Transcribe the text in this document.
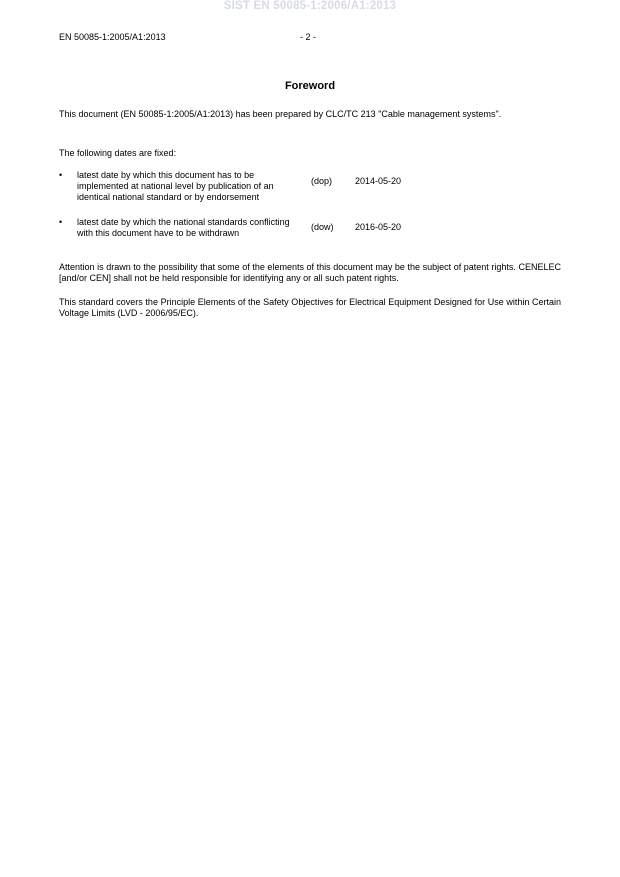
SIST EN 50085-1:2006/A1:2013
EN 50085-1:2005/A1:2013	- 2 -
Foreword
This document (EN 50085-1:2005/A1:2013) has been prepared by CLC/TC 213 "Cable management systems".
The following dates are fixed:
• latest date by which this document has to be implemented at national level by publication of an identical national standard or by endorsement
(dop)	2014-05-20
• latest date by which the national standards conflicting with this document have to be withdrawn
(dow) 2016-05-20
Attention is drawn to the possibility that some of the elements of this document may be the subject of patent rights. CENELEC [and/or CEN] shall not be held responsible for identifying any or all such patent rights.
This standard covers the Principle Elements of the Safety Objectives for Electrical Equipment Designed for Use within Certain Voltage Limits (LVD - 2006/95/EC).
